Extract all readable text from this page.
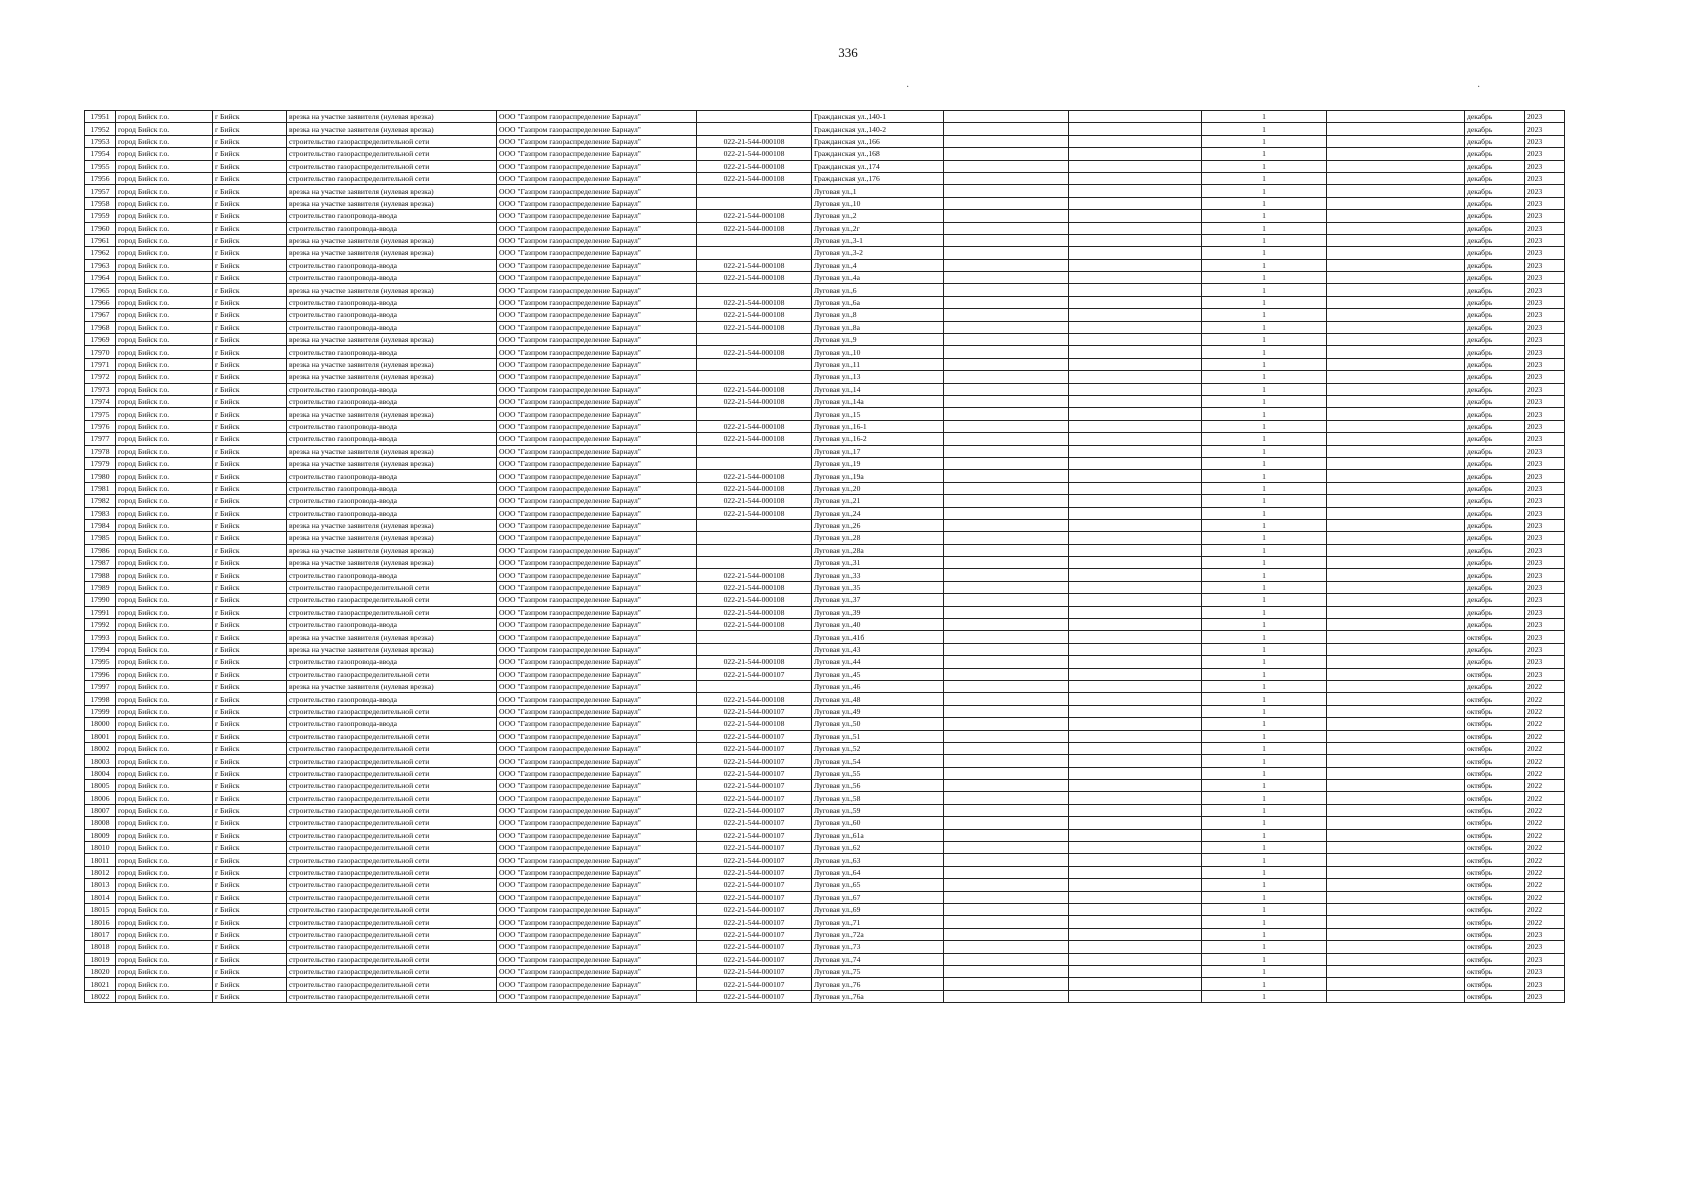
336
·	·
17951	город Бийск г.о.	г Бийск	врезка на участке заявителя (нулевая врезка)	ООО "Газпром газораспределение Барнаул"		Гражданская ул.,140-1			1		декабрь	2023
17952	город Бийск г.о.	г Бийск	врезка на участке заявителя (нулевая врезка)	ООО "Газпром газораспределение Барнаул"		Гражданская ул.,140-2			1		декабрь	2023
17953	город Бийск г.о.	г Бийск	строительство газораспределительной сети	ООО "Газпром газораспределение Барнаул"	022-21-544-000108	Гражданская ул.,166			1		декабрь	2023
17954	город Бийск г.о.	г Бийск	строительство газораспределительной сети	ООО "Газпром газораспределение Барнаул"	022-21-544-000108	Гражданская ул.,168			1		декабрь	2023
17955	город Бийск г.о.	г Бийск	строительство газораспределительной сети	ООО "Газпром газораспределение Барнаул"	022-21-544-000108	Гражданская ул.,174			1		декабрь	2023
17956	город Бийск г.о.	г Бийск	строительство газораспределительной сети	ООО "Газпром газораспределение Барнаул"	022-21-544-000108	Гражданская ул.,176			1		декабрь	2023
17957	город Бийск г.о.	г Бийск	врезка на участке заявителя (нулевая врезка)	ООО "Газпром газораспределение Барнаул"		Луговая ул.,1			1		декабрь	2023
17958	город Бийск г.о.	г Бийск	врезка на участке заявителя (нулевая врезка)	ООО "Газпром газораспределение Барнаул"		Луговая ул.,10			1		декабрь	2023
17959	город Бийск г.о.	г Бийск	строительство газопровода-ввода	ООО "Газпром газораспределение Барнаул"	022-21-544-000108	Луговая ул.,2			1		декабрь	2023
17960	город Бийск г.о.	г Бийск	строительство газопровода-ввода	ООО "Газпром газораспределение Барнаул"	022-21-544-000108	Луговая ул.,2г			1		декабрь	2023
17961	город Бийск г.о.	г Бийск	врезка на участке заявителя (нулевая врезка)	ООО "Газпром газораспределение Барнаул"		Луговая ул.,3-1			1		декабрь	2023
17962	город Бийск г.о.	г Бийск	врезка на участке заявителя (нулевая врезка)	ООО "Газпром газораспределение Барнаул"		Луговая ул.,3-2			1		декабрь	2023
17963	город Бийск г.о.	г Бийск	строительство газопровода-ввода	ООО "Газпром газораспределение Барнаул"	022-21-544-000108	Луговая ул.,4			1		декабрь	2023
17964	город Бийск г.о.	г Бийск	строительство газопровода-ввода	ООО "Газпром газораспределение Барнаул"	022-21-544-000108	Луговая ул.,4а			1		декабрь	2023
17965	город Бийск г.о.	г Бийск	врезка на участке заявителя (нулевая врезка)	ООО "Газпром газораспределение Барнаул"		Луговая ул.,6			1		декабрь	2023
17966	город Бийск г.о.	г Бийск	строительство газопровода-ввода	ООО "Газпром газораспределение Барнаул"	022-21-544-000108	Луговая ул.,6а			1		декабрь	2023
17967	город Бийск г.о.	г Бийск	строительство газопровода-ввода	ООО "Газпром газораспределение Барнаул"	022-21-544-000108	Луговая ул.,8			1		декабрь	2023
17968	город Бийск г.о.	г Бийск	строительство газопровода-ввода	ООО "Газпром газораспределение Барнаул"	022-21-544-000108	Луговая ул.,8а			1		декабрь	2023
17969	город Бийск г.о.	г Бийск	врезка на участке заявителя (нулевая врезка)	ООО "Газпром газораспределение Барнаул"		Луговая ул.,9			1		декабрь	2023
17970	город Бийск г.о.	г Бийск	строительство газопровода-ввода	ООО "Газпром газораспределение Барнаул"	022-21-544-000108	Луговая ул.,10			1		декабрь	2023
17971	город Бийск г.о.	г Бийск	врезка на участке заявителя (нулевая врезка)	ООО "Газпром газораспределение Барнаул"		Луговая ул.,11			1		декабрь	2023
17972	город Бийск г.о.	г Бийск	врезка на участке заявителя (нулевая врезка)	ООО "Газпром газораспределение Барнаул"		Луговая ул.,13			1		декабрь	2023
17973	город Бийск г.о.	г Бийск	строительство газопровода-ввода	ООО "Газпром газораспределение Барнаул"	022-21-544-000108	Луговая ул.,14			1		декабрь	2023
17974	город Бийск г.о.	г Бийск	строительство газопровода-ввода	ООО "Газпром газораспределение Барнаул"	022-21-544-000108	Луговая ул.,14а			1		декабрь	2023
17975	город Бийск г.о.	г Бийск	врезка на участке заявителя (нулевая врезка)	ООО "Газпром газораспределение Барнаул"		Луговая ул.,15			1		декабрь	2023
17976	город Бийск г.о.	г Бийск	строительство газопровода-ввода	ООО "Газпром газораспределение Барнаул"	022-21-544-000108	Луговая ул.,16-1			1		декабрь	2023
17977	город Бийск г.о.	г Бийск	строительство газопровода-ввода	ООО "Газпром газораспределение Барнаул"	022-21-544-000108	Луговая ул.,16-2			1		декабрь	2023
17978	город Бийск г.о.	г Бийск	врезка на участке заявителя (нулевая врезка)	ООО "Газпром газораспределение Барнаул"		Луговая ул.,17			1		декабрь	2023
17979	город Бийск г.о.	г Бийск	врезка на участке заявителя (нулевая врезка)	ООО "Газпром газораспределение Барнаул"		Луговая ул.,19			1		декабрь	2023
17980	город Бийск г.о.	г Бийск	строительство газопровода-ввода	ООО "Газпром газораспределение Барнаул"	022-21-544-000108	Луговая ул.,19а			1		декабрь	2023
17981	город Бийск г.о.	г Бийск	строительство газопровода-ввода	ООО "Газпром газораспределение Барнаул"	022-21-544-000108	Луговая ул.,20			1		декабрь	2023
17982	город Бийск г.о.	г Бийск	строительство газопровода-ввода	ООО "Газпром газораспределение Барнаул"	022-21-544-000108	Луговая ул.,21			1		декабрь	2023
17983	город Бийск г.о.	г Бийск	строительство газопровода-ввода	ООО "Газпром газораспределение Барнаул"	022-21-544-000108	Луговая ул.,24			1		декабрь	2023
17984	город Бийск г.о.	г Бийск	врезка на участке заявителя (нулевая врезка)	ООО "Газпром газораспределение Барнаул"		Луговая ул.,26			1		декабрь	2023
17985	город Бийск г.о.	г Бийск	врезка на участке заявителя (нулевая врезка)	ООО "Газпром газораспределение Барнаул"		Луговая ул.,28			1		декабрь	2023
17986	город Бийск г.о.	г Бийск	врезка на участке заявителя (нулевая врезка)	ООО "Газпром газораспределение Барнаул"		Луговая ул.,28а			1		декабрь	2023
17987	город Бийск г.о.	г Бийск	врезка на участке заявителя (нулевая врезка)	ООО "Газпром газораспределение Барнаул"		Луговая ул.,31			1		декабрь	2023
17988	город Бийск г.о.	г Бийск	строительство газопровода-ввода	ООО "Газпром газораспределение Барнаул"	022-21-544-000108	Луговая ул.,33			1		декабрь	2023
17989	город Бийск г.о.	г Бийск	строительство газораспределительной сети	ООО "Газпром газораспределение Барнаул"	022-21-544-000108	Луговая ул.,35			1		декабрь	2023
17990	город Бийск г.о.	г Бийск	строительство газораспределительной сети	ООО "Газпром газораспределение Барнаул"	022-21-544-000108	Луговая ул.,37			1		декабрь	2023
17991	город Бийск г.о.	г Бийск	строительство газораспределительной сети	ООО "Газпром газораспределение Барнаул"	022-21-544-000108	Луговая ул.,39			1		декабрь	2023
17992	город Бийск г.о.	г Бийск	строительство газопровода-ввода	ООО "Газпром газораспределение Барнаул"	022-21-544-000108	Луговая ул.,40			1		декабрь	2023
17993	город Бийск г.о.	г Бийск	врезка на участке заявителя (нулевая врезка)	ООО "Газпром газораспределение Барнаул"		Луговая ул.,41б			1		октябрь	2023
17994	город Бийск г.о.	г Бийск	врезка на участке заявителя (нулевая врезка)	ООО "Газпром газораспределение Барнаул"		Луговая ул.,43			1		декабрь	2023
17995	город Бийск г.о.	г Бийск	строительство газопровода-ввода	ООО "Газпром газораспределение Барнаул"	022-21-544-000108	Луговая ул.,44			1		декабрь	2023
17996	город Бийск г.о.	г Бийск	строительство газораспределительной сети	ООО "Газпром газораспределение Барнаул"	022-21-544-000107	Луговая ул.,45			1		октябрь	2023
17997	город Бийск г.о.	г Бийск	врезка на участке заявителя (нулевая врезка)	ООО "Газпром газораспределение Барнаул"		Луговая ул.,46			1		декабрь	2022
17998	город Бийск г.о.	г Бийск	строительство газопровода-ввода	ООО "Газпром газораспределение Барнаул"	022-21-544-000108	Луговая ул.,48			1		октябрь	2022
17999	город Бийск г.о.	г Бийск	строительство газораспределительной сети	ООО "Газпром газораспределение Барнаул"	022-21-544-000107	Луговая ул.,49			1		октябрь	2022
18000	город Бийск г.о.	г Бийск	строительство газопровода-ввода	ООО "Газпром газораспределение Барнаул"	022-21-544-000108	Луговая ул.,50			1		октябрь	2022
18001	город Бийск г.о.	г Бийск	строительство газораспределительной сети	ООО "Газпром газораспределение Барнаул"	022-21-544-000107	Луговая ул.,51			1		октябрь	2022
18002	город Бийск г.о.	г Бийск	строительство газораспределительной сети	ООО "Газпром газораспределение Барнаул"	022-21-544-000107	Луговая ул.,52			1		октябрь	2022
18003	город Бийск г.о.	г Бийск	строительство газораспределительной сети	ООО "Газпром газораспределение Барнаул"	022-21-544-000107	Луговая ул.,54			1		октябрь	2022
18004	город Бийск г.о.	г Бийск	строительство газораспределительной сети	ООО "Газпром газораспределение Барнаул"	022-21-544-000107	Луговая ул.,55			1		октябрь	2022
18005	город Бийск г.о.	г Бийск	строительство газораспределительной сети	ООО "Газпром газораспределение Барнаул"	022-21-544-000107	Луговая ул.,56			1		октябрь	2022
18006	город Бийск г.о.	г Бийск	строительство газораспределительной сети	ООО "Газпром газораспределение Барнаул"	022-21-544-000107	Луговая ул.,58			1		октябрь	2022
18007	город Бийск г.о.	г Бийск	строительство газораспределительной сети	ООО "Газпром газораспределение Барнаул"	022-21-544-000107	Луговая ул.,59			1		октябрь	2022
18008	город Бийск г.о.	г Бийск	строительство газораспределительной сети	ООО "Газпром газораспределение Барнаул"	022-21-544-000107	Луговая ул.,60			1		октябрь	2022
18009	город Бийск г.о.	г Бийск	строительство газораспределительной сети	ООО "Газпром газораспределение Барнаул"	022-21-544-000107	Луговая ул.,61а			1		октябрь	2022
18010	город Бийск г.о.	г Бийск	строительство газораспределительной сети	ООО "Газпром газораспределение Барнаул"	022-21-544-000107	Луговая ул.,62			1		октябрь	2022
18011	город Бийск г.о.	г Бийск	строительство газораспределительной сети	ООО "Газпром газораспределение Барнаул"	022-21-544-000107	Луговая ул.,63			1		октябрь	2022
18012	город Бийск г.о.	г Бийск	строительство газораспределительной сети	ООО "Газпром газораспределение Барнаул"	022-21-544-000107	Луговая ул.,64			1		октябрь	2022
18013	город Бийск г.о.	г Бийск	строительство газораспределительной сети	ООО "Газпром газораспределение Барнаул"	022-21-544-000107	Луговая ул.,65			1		октябрь	2022
18014	город Бийск г.о.	г Бийск	строительство газораспределительной сети	ООО "Газпром газораспределение Барнаул"	022-21-544-000107	Луговая ул.,67			1		октябрь	2022
18015	город Бийск г.о.	г Бийск	строительство газораспределительной сети	ООО "Газпром газораспределение Барнаул"	022-21-544-000107	Луговая ул.,69			1		октябрь	2022
18016	город Бийск г.о.	г Бийск	строительство газораспределительной сети	ООО "Газпром газораспределение Барнаул"	022-21-544-000107	Луговая ул.,71			1		октябрь	2022
18017	город Бийск г.о.	г Бийск	строительство газораспределительной сети	ООО "Газпром газораспределение Барнаул"	022-21-544-000107	Луговая ул.,72а			1		октябрь	2023
18018	город Бийск г.о.	г Бийск	строительство газораспределительной сети	ООО "Газпром газораспределение Барнаул"	022-21-544-000107	Луговая ул.,73			1		октябрь	2023
18019	город Бийск г.о.	г Бийск	строительство газораспределительной сети	ООО "Газпром газораспределение Барнаул"	022-21-544-000107	Луговая ул.,74			1		октябрь	2023
18020	город Бийск г.о.	г Бийск	строительство газораспределительной сети	ООО "Газпром газораспределение Барнаул"	022-21-544-000107	Луговая ул.,75			1		октябрь	2023
18021	город Бийск г.о.	г Бийск	строительство газораспределительной сети	ООО "Газпром газораспределение Барнаул"	022-21-544-000107	Луговая ул.,76			1		октябрь	2023
18022	город Бийск г.о.	г Бийск	строительство газораспределительной сети	ООО "Газпром газораспределение Барнаул"	022-21-544-000107	Луговая ул.,76а			1		октябрь	2023
